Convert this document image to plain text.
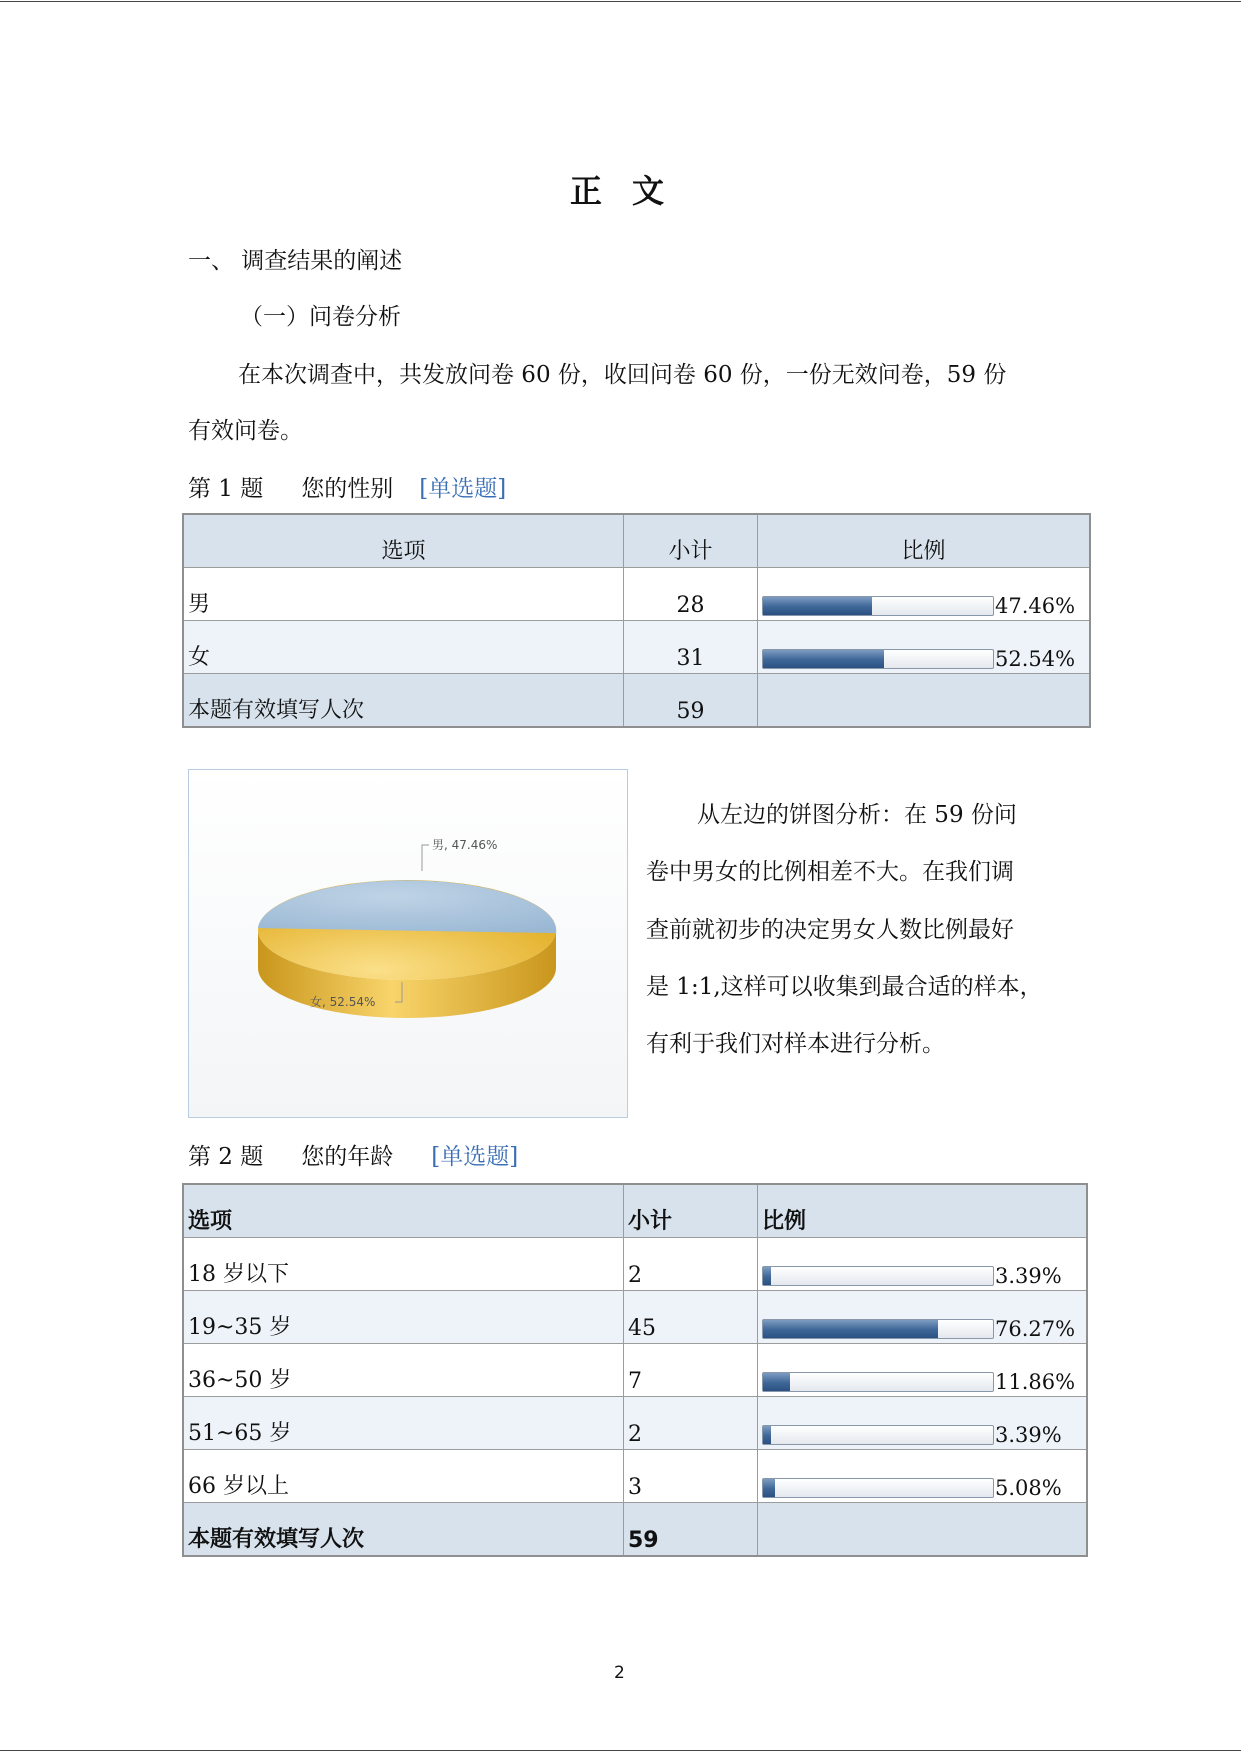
正 文
一、 调查结果的阐述
（一）问卷分析
在本次调查中，共发放问卷 60 份，收回问卷 60 份，一份无效问卷，59 份
有效问卷。
第 1 题 您的性别 [单选题]
选项	小计	比例
男	28	47.46%
女	31	52.54%
本题有效填写人次	59	
男, 47.46%
女, 52.54%
从左边的饼图分析：在 59 份问
卷中男女的比例相差不大。在我们调
查前就初步的决定男女人数比例最好
是 1:1,这样可以收集到最合适的样本，
有利于我们对样本进行分析。
第 2 题 您的年龄 [单选题]
选项	小计	比例
18 岁以下	2	3.39%
19~35 岁	45	76.27%
36~50 岁	7	11.86%
51~65 岁	2	3.39%
66 岁以上	3	5.08%
本题有效填写人次	59	
2
